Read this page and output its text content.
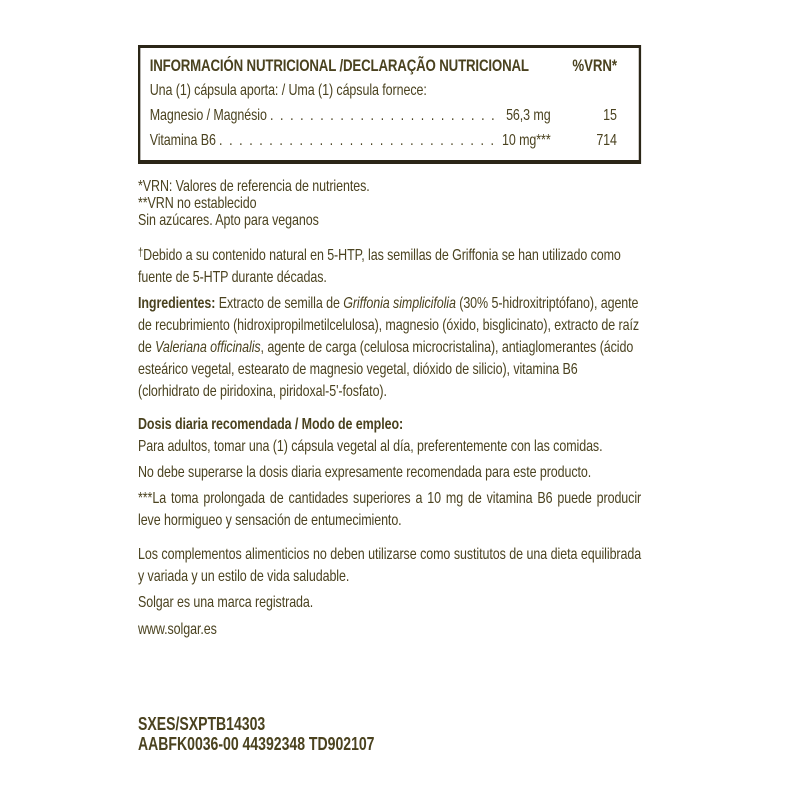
INFORMACIÓN NUTRICIONAL /DECLARAÇÃO NUTRICIONAL	%VRN*
Una (1) cápsula aporta: / Uma (1) cápsula fornece:
Magnesio / Magnésio . . .	56,3 mg	15
Vitamina B6 . . .	10 mg***	714
*VRN: Valores de referencia de nutrientes.
**VRN no establecido
Sin azúcares. Apto para veganos
†Debido a su contenido natural en 5-HTP, las semillas de Griffonia se han utilizado como fuente de 5-HTP durante décadas.
Ingredientes: Extracto de semilla de Griffonia simplicifolia (30% 5-hidroxitriptófano), agente de recubrimiento (hidroxipropilmetilcelulosa), magnesio (óxido, bisglicinato), extracto de raíz de Valeriana officinalis, agente de carga (celulosa microcristalina), antiaglomerantes (ácido esteárico vegetal, estearato de magnesio vegetal, dióxido de silicio), vitamina B6 (clorhidrato de piridoxina, piridoxal-5'-fosfato).
Dosis diaria recomendada / Modo de empleo:
Para adultos, tomar una (1) cápsula vegetal al día, preferentemente con las comidas.
No debe superarse la dosis diaria expresamente recomendada para este producto.
***La toma prolongada de cantidades superiores a 10 mg de vitamina B6 puede producir leve hormigueo y sensación de entumecimiento.
Los complementos alimenticios no deben utilizarse como sustitutos de una dieta equilibrada y variada y un estilo de vida saludable.
Solgar es una marca registrada.
www.solgar.es
SXES/SXPTB14303
AABFK0036-00 44392348 TD902107
